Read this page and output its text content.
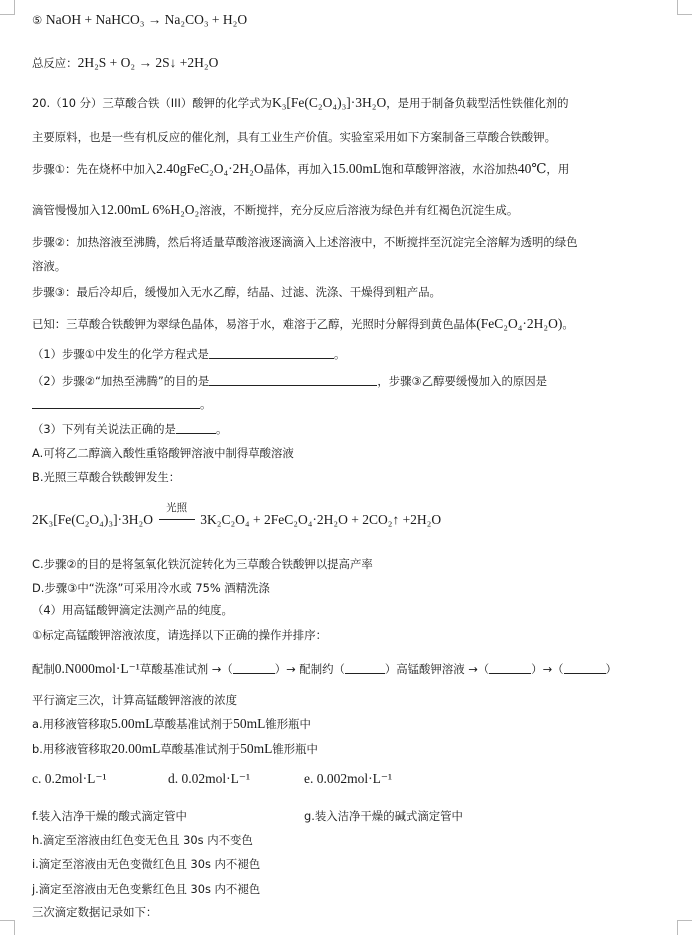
⑤ NaOH + NaHCO₃ → Na₂CO₃ + H₂O
总反应：2H₂S + O₂ → 2S↓ +2H₂O
20.（10 分）三草酸合铁（III）酸钾的化学式为K₃[Fe(C₂O₄)₃]·3H₂O，是用于制备负载型活性铁催化剂的
主要原料，也是一些有机反应的催化剂，具有工业生产价值。实验室采用如下方案制备三草酸合铁酸钾。
步骤①：先在烧杯中加入2.40gFeC₂O₄·2H₂O晶体，再加入15.00mL饱和草酸钾溶液，水浴加热40℃，用
滴管慢慢加入12.00mL 6%H₂O₂溶液，不断搅拌，充分反应后溶液为绿色并有红褐色沉淀生成。
步骤②：加热溶液至沸腾，然后将适量草酸溶液逐滴滴入上述溶液中，不断搅拌至沉淀完全溶解为透明的绿色
溶液。
步骤③：最后冷却后，缓慢加入无水乙醇，结晶、过滤、洗涤、干燥得到粗产品。
已知：三草酸合铁酸钾为翠绿色晶体，易溶于水，难溶于乙醇，光照时分解得到黄色晶体(FeC₂O₄·2H₂O)。
（1）步骤①中发生的化学方程式是	。
（2）步骤②“加热至沸腾”的目的是	，步骤③乙醇要缓慢加入的原因是
。
（3）下列有关说法正确的是	。
A.可将乙二醇滴入酸性重铬酸钾溶液中制得草酸溶液
B.光照三草酸合铁酸钾发生：
2K₃[Fe(C₂O₄)₃]·3H₂O
光照
3K₂C₂O₄ + 2FeC₂O₄·2H₂O + 2CO₂↑ +2H₂O
C.步骤②的目的是将氢氧化铁沉淀转化为三草酸合铁酸钾以提高产率
D.步骤③中“洗涤”可采用冷水或 75% 酒精洗涤
（4）用高锰酸钾滴定法测产品的纯度。
①标定高锰酸钾溶液浓度，请选择以下正确的操作并排序：
配制0.N000mol·L⁻¹草酸基准试剂 →（	）→ 配制约（	）高锰酸钾溶液 →（	）→（	）
平行滴定三次，计算高锰酸钾溶液的浓度
a.用移液管移取5.00mL草酸基准试剂于50mL锥形瓶中
b.用移液管移取20.00mL草酸基准试剂于50mL锥形瓶中
c. 0.2mol·L⁻¹	d. 0.02mol·L⁻¹	e. 0.002mol·L⁻¹
f.装入洁净干燥的酸式滴定管中	g.装入洁净干燥的碱式滴定管中
h.滴定至溶液由红色变无色且 30s 内不变色
i.滴定至溶液由无色变微红色且 30s 内不褪色
j.滴定至溶液由无色变紫红色且 30s 内不褪色
三次滴定数据记录如下：
